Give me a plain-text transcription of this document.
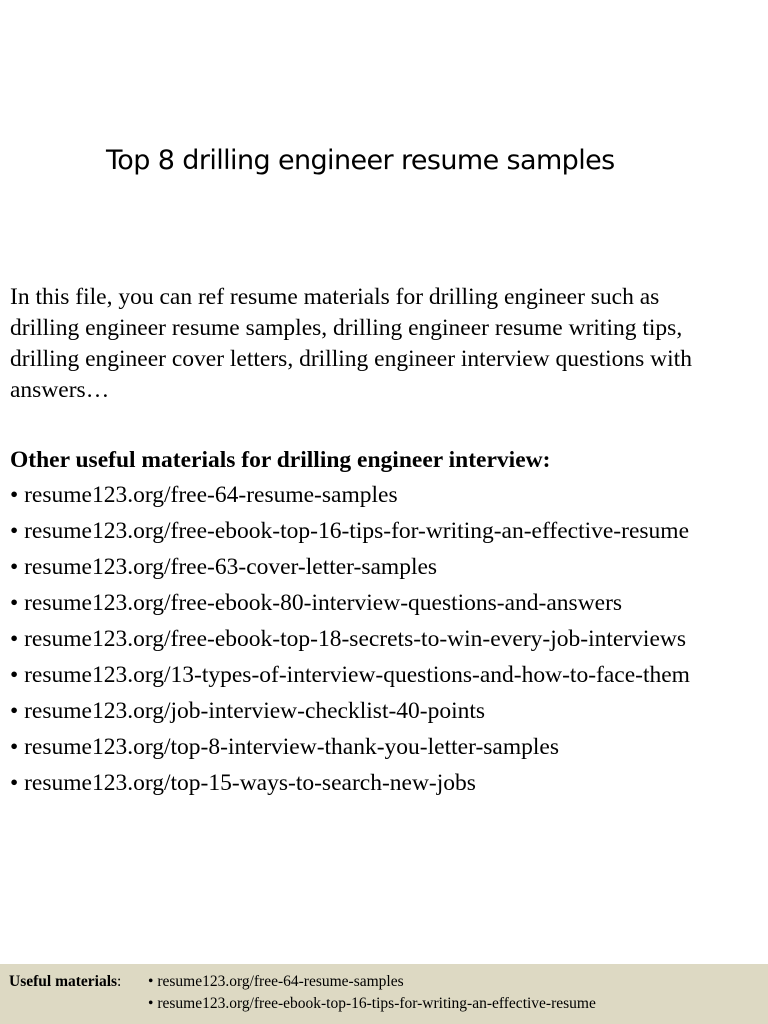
Top 8 drilling engineer resume samples
In this file, you can ref resume materials for drilling engineer such as
drilling engineer resume samples, drilling engineer resume writing tips,
drilling engineer cover letters, drilling engineer interview questions with
answers…
Other useful materials for drilling engineer interview:
• resume123.org/free-64-resume-samples
• resume123.org/free-ebook-top-16-tips-for-writing-an-effective-resume
• resume123.org/free-63-cover-letter-samples
• resume123.org/free-ebook-80-interview-questions-and-answers
• resume123.org/free-ebook-top-18-secrets-to-win-every-job-interviews
• resume123.org/13-types-of-interview-questions-and-how-to-face-them
• resume123.org/job-interview-checklist-40-points
• resume123.org/top-8-interview-thank-you-letter-samples
• resume123.org/top-15-ways-to-search-new-jobs
Useful materials:
•	resume123.org/free-64-resume-samples
• resume123.org/free-ebook-top-16-tips-for-writing-an-effective-resume
